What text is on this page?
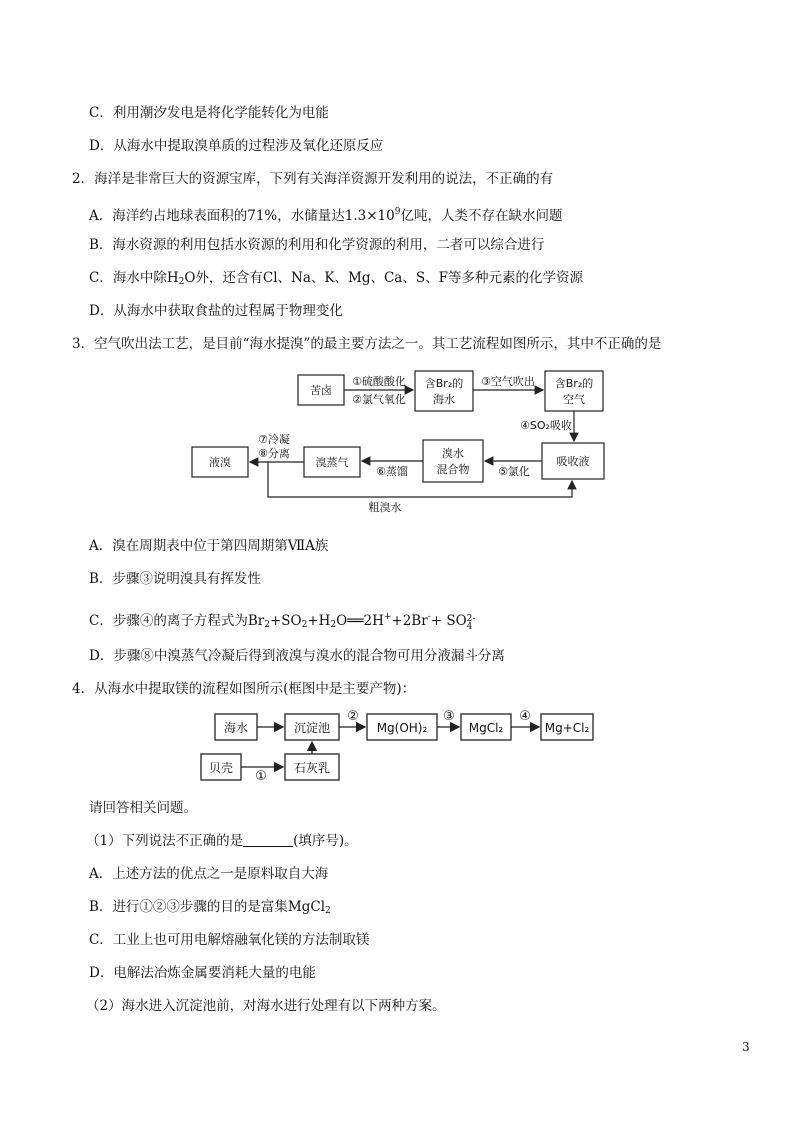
C．利用潮汐发电是将化学能转化为电能
D．从海水中提取溴单质的过程涉及氧化还原反应
2．海洋是非常巨大的资源宝库，下列有关海洋资源开发利用的说法，不正确的有
A．海洋约占地球表面积的71%，水储量达$1.3\times 10^9$亿吨，人类不存在缺水问题
B．海水资源的利用包括水资源的利用和化学资源的利用，二者可以综合进行
C．海水中除$H_2O$外，还含有Cl、Na、K、Mg、Ca、S、F等多种元素的化学资源
D．从海水中获取食盐的过程属于物理变化
3．空气吹出法工艺，是目前“海水提溴”的最主要方法之一。其工艺流程如图所示，其中不正确的是
苦卤
①硫酸酸化
②氯气氧化
含Br₂的
海水
③空气吹出 含Br₂的
空气
④SO₂吸收
吸收液
⑤氯化
溴水
混合物
⑥蒸馏
溴蒸气
⑦冷凝
⑧分离
液溴
粗溴水
A．溴在周期表中位于第四周期第ⅦA族
B．步骤③说明溴具有挥发性
C．步骤④的离子方程式为$Br_2+SO_2+H_2O══2H^++2Br^-+$ SO 2-
4
D．步骤⑧中溴蒸气冷凝后得到液溴与溴水的混合物可用分液漏斗分离
4．从海水中提取镁的流程如图所示(框图中是主要产物)：
海水	沉淀池
②
Mg(OH)₂
③
MgCl₂
④
Mg+Cl₂
贝壳
①
石灰乳
请回答相关问题。
（1）下列说法不正确的是	(填序号)。
A．上述方法的优点之一是原料取自大海
B．进行①②③步骤的目的是富集MgCl$_2$
C．工业上也可用电解熔融氧化镁的方法制取镁
D．电解法冶炼金属要消耗大量的电能
（2）海水进入沉淀池前，对海水进行处理有以下两种方案。
3
